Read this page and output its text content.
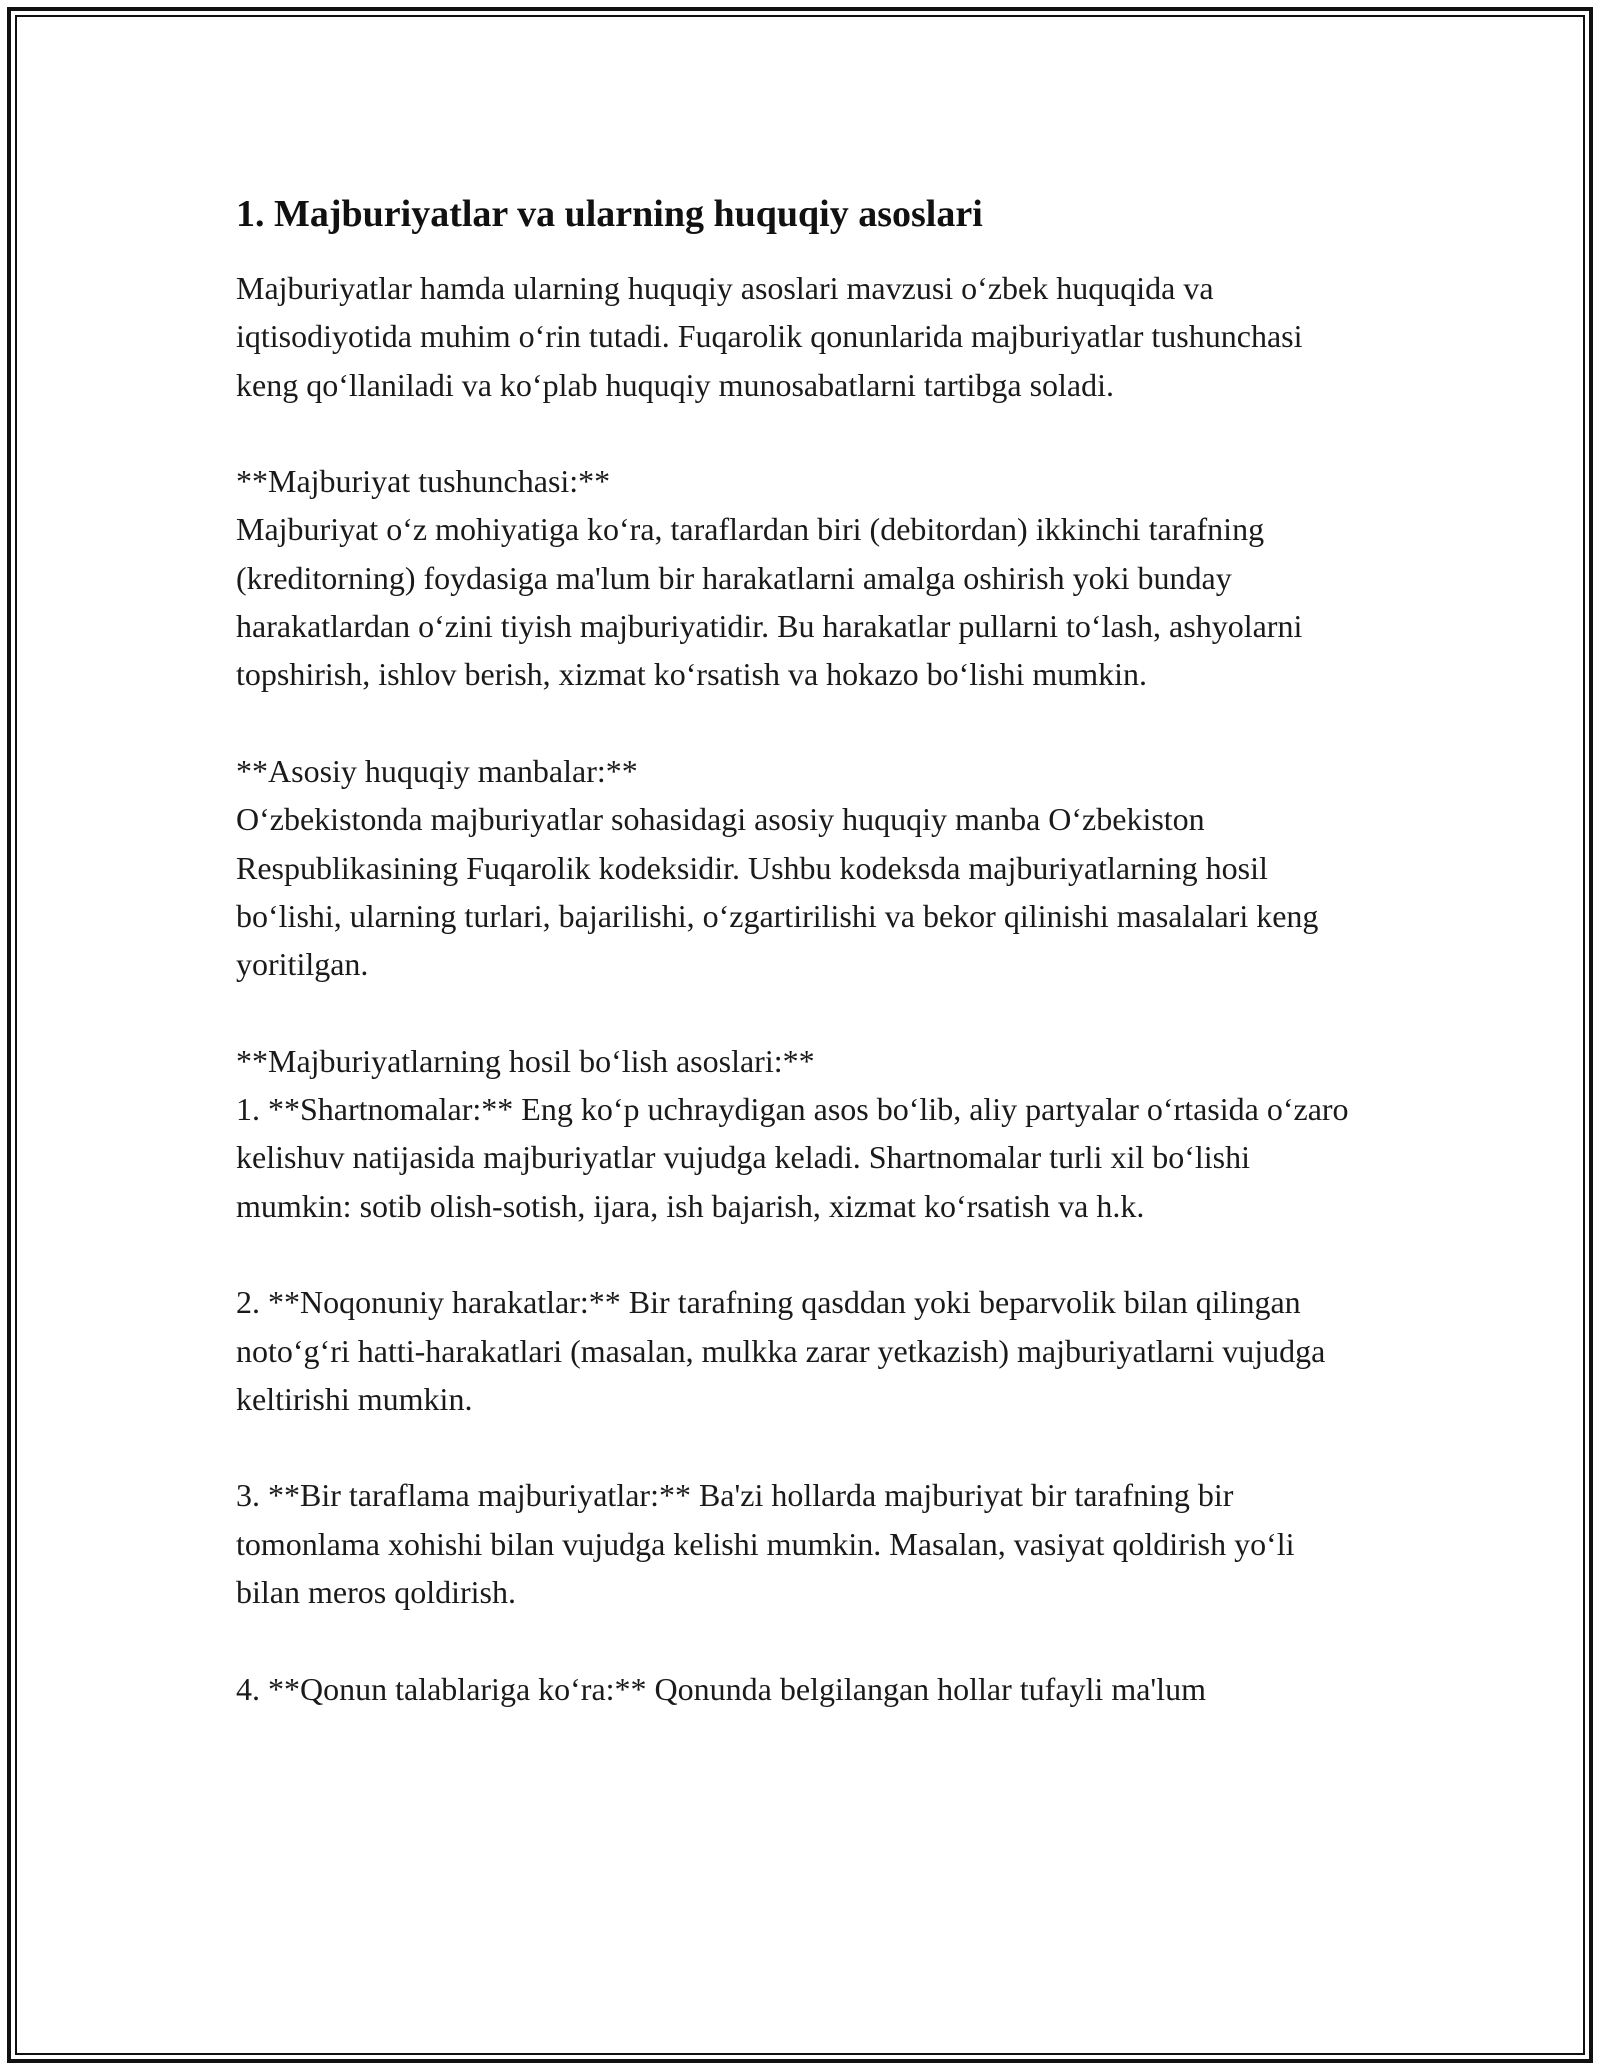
1. Majburiyatlar va ularning huquqiy asoslari

Majburiyatlar hamda ularning huquqiy asoslari mavzusi oʻzbek huquqida va iqtisodiyotida muhim oʻrin tutadi. Fuqarolik qonunlarida majburiyatlar tushunchasi keng qoʻllaniladi va koʻplab huquqiy munosabatlarni tartibga soladi.

**Majburiyat tushunchasi:**

Majburiyat oʻz mohiyatiga koʻra, taraflardan biri (debitordan) ikkinchi tarafning (kreditorning) foydasiga ma'lum bir harakatlarni amalga oshirish yoki bunday harakatlardan oʻzini tiyish majburiyatidir. Bu harakatlar pullarni toʻlash, ashyolarni topshirish, ishlov berish, xizmat koʻrsatish va hokazo boʻlishi mumkin.

**Asosiy huquqiy manbalar:**

Oʻzbekistonda majburiyatlar sohasidagi asosiy huquqiy manba Oʻzbekiston Respublikasining Fuqarolik kodeksidir. Ushbu kodeksda majburiyatlarning hosil boʻlishi, ularning turlari, bajarilishi, oʻzgartirilishi va bekor qilinishi masalalari keng yoritilgan.

**Majburiyatlarning hosil boʻlish asoslari:**

1. **Shartnomalar:** Eng koʻp uchraydigan asos boʻlib, aliy partyalar oʻrtasida oʻzaro kelishuv natijasida majburiyatlar vujudga keladi. Shartnomalar turli xil boʻlishi mumkin: sotib olish-sotish, ijara, ish bajarish, xizmat koʻrsatish va h.k.

2. **Noqonuniy harakatlar:** Bir tarafning qasddan yoki beparvolik bilan qilingan notoʻgʻri hatti-harakatlari (masalan, mulkka zarar yetkazish) majburiyatlarni vujudga keltirishi mumkin.

3. **Bir taraflama majburiyatlar:** Ba'zi hollarda majburiyat bir tarafning bir tomonlama xohishi bilan vujudga kelishi mumkin. Masalan, vasiyat qoldirish yoʻli bilan meros qoldirish.

4. **Qonun talablariga koʻra:** Qonunda belgilangan hollar tufayli ma'lum
